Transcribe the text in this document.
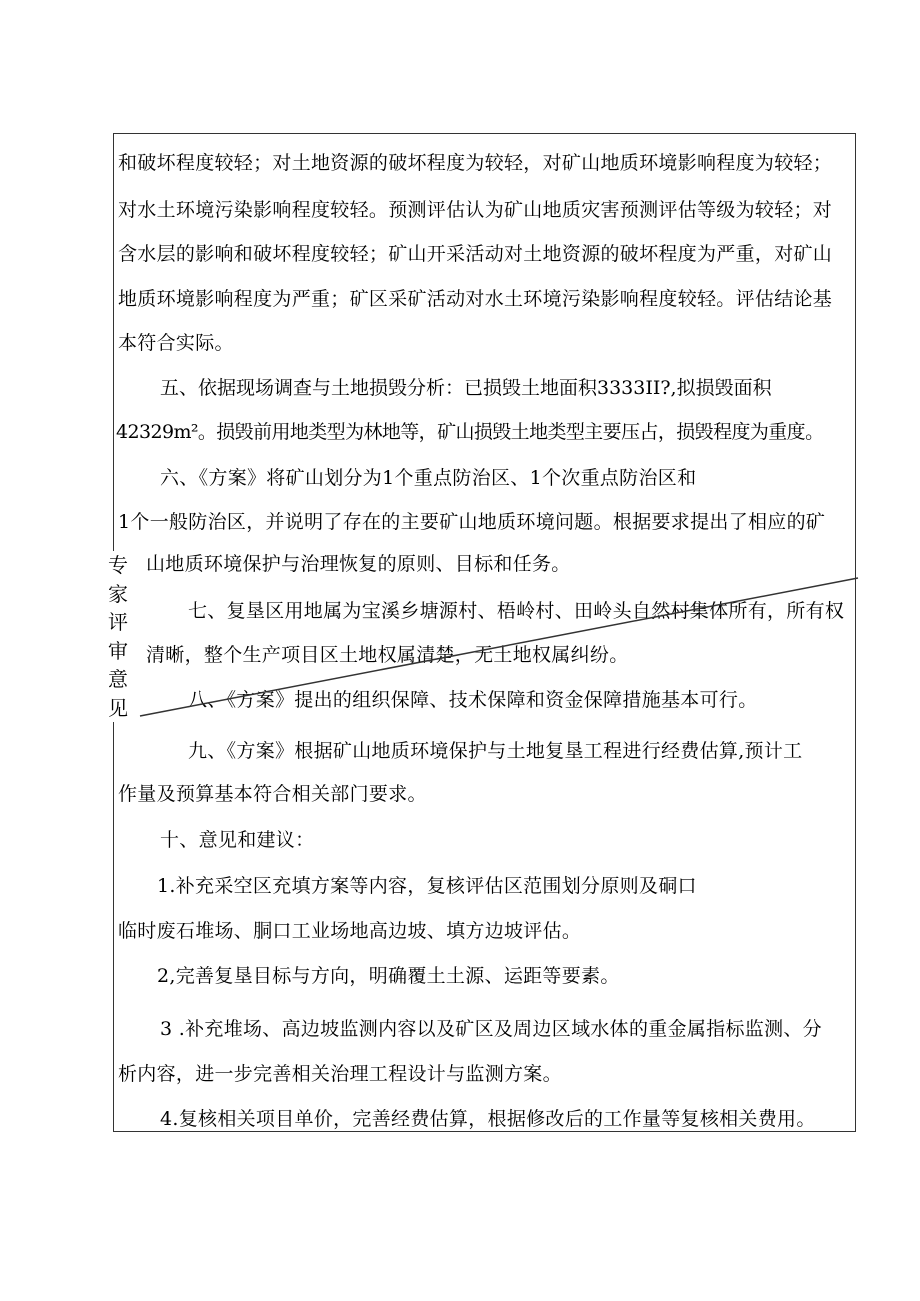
专
家
评
审
意
见
和破坏程度较轻；对土地资源的破坏程度为较轻，对矿山地质环境影响程度为较轻；
对水土环境污染影响程度较轻。预测评估认为矿山地质灾害预测评估等级为较轻；对
含水层的影响和破坏程度较轻；矿山开采活动对土地资源的破坏程度为严重，对矿山
地质环境影响程度为严重；矿区采矿活动对水土环境污染影响程度较轻。评估结论基
本符合实际。
五、依据现场调查与土地损毁分析：已损毁土地面积3333II?,拟损毁面积
42329m²。损毁前用地类型为林地等，矿山损毁土地类型主要压占，损毁程度为重度。
六、《方案》将矿山划分为1个重点防治区、1个次重点防治区和
1个一般防治区，并说明了存在的主要矿山地质环境问题。根据要求提出了相应的矿
山地质环境保护与治理恢复的原则、目标和任务。
七、复垦区用地属为宝溪乡塘源村、梧岭村、田岭头自然村集体所有，所有权
清晰，整个生产项目区土地权属清楚，无土地权属纠纷。
八、《方案》提出的组织保障、技术保障和资金保障措施基本可行。
九、《方案》根据矿山地质环境保护与土地复垦工程进行经费估算,预计工
作量及预算基本符合相关部门要求。
十、意见和建议：
1.补充采空区充填方案等内容，复核评估区范围划分原则及硐口
临时废石堆场、胴口工业场地高边坡、填方边坡评估。
2,完善复垦目标与方向，明确覆土土源、运距等要素。
3 .补充堆场、高边坡监测内容以及矿区及周边区域水体的重金属指标监测、分
析内容，进一步完善相关治理工程设计与监测方案。
4.复核相关项目单价，完善经费估算，根据修改后的工作量等复核相关费用。
